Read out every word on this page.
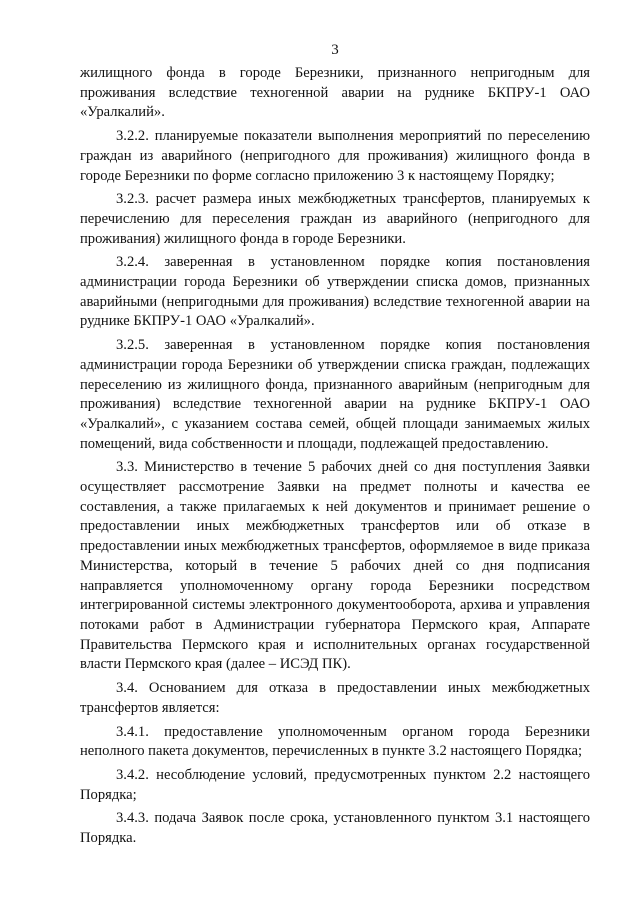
3

жилищного фонда в городе Березники, признанного непригодным для проживания вследствие техногенной аварии на руднике БКПРУ-1 ОАО «Уралкалий».

3.2.2. планируемые показатели выполнения мероприятий по переселению граждан из аварийного (непригодного для проживания) жилищного фонда в городе Березники по форме согласно приложению 3 к настоящему Порядку;

3.2.3. расчет размера иных межбюджетных трансфертов, планируемых к перечислению для переселения граждан из аварийного (непригодного для проживания) жилищного фонда в городе Березники.

3.2.4. заверенная в установленном порядке копия постановления администрации города Березники об утверждении списка домов, признанных аварийными (непригодными для проживания) вследствие техногенной аварии на руднике БКПРУ-1 ОАО «Уралкалий».

3.2.5. заверенная в установленном порядке копия постановления администрации города Березники об утверждении списка граждан, подлежащих переселению из жилищного фонда, признанного аварийным (непригодным для проживания) вследствие техногенной аварии на руднике БКПРУ-1 ОАО «Уралкалий», с указанием состава семей, общей площади занимаемых жилых помещений, вида собственности и площади, подлежащей предоставлению.

3.3. Министерство в течение 5 рабочих дней со дня поступления Заявки осуществляет рассмотрение Заявки на предмет полноты и качества ее составления, а также прилагаемых к ней документов и принимает решение о предоставлении иных межбюджетных трансфертов или об отказе в предоставлении иных межбюджетных трансфертов, оформляемое в виде приказа Министерства, который в течение 5 рабочих дней со дня подписания направляется уполномоченному органу города Березники посредством интегрированной системы электронного документооборота, архива и управления потоками работ в Администрации губернатора Пермского края, Аппарате Правительства Пермского края и исполнительных органах государственной власти Пермского края (далее – ИСЭД ПК).

3.4. Основанием для отказа в предоставлении иных межбюджетных трансфертов является:

3.4.1. предоставление уполномоченным органом города Березники неполного пакета документов, перечисленных в пункте 3.2 настоящего Порядка;

3.4.2. несоблюдение условий, предусмотренных пунктом 2.2 настоящего Порядка;

3.4.3. подача Заявок после срока, установленного пунктом 3.1 настоящего Порядка.
